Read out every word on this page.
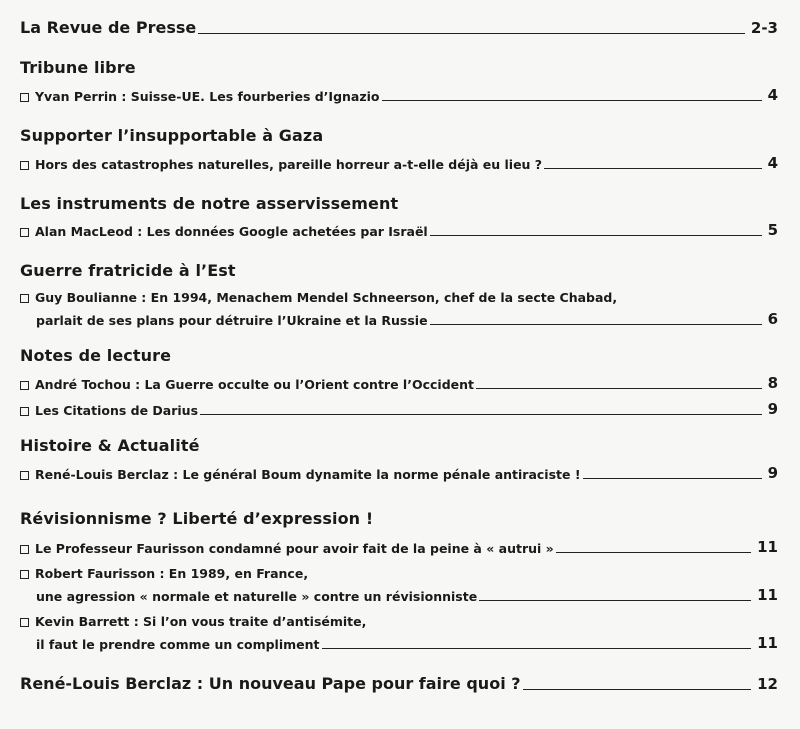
La Revue de Presse	2-3
Tribune libre
Yvan Perrin : Suisse-UE. Les fourberies d’Ignazio	4
Supporter l’insupportable à Gaza
Hors des catastrophes naturelles, pareille horreur a-t-elle déjà eu lieu ?	4
Les instruments de notre asservissement
Alan MacLeod : Les données Google achetées par Israël	5
Guerre fratricide à l’Est
Guy Boulianne : En 1994, Menachem Mendel Schneerson, chef de la secte Chabad,
parlait de ses plans pour détruire l’Ukraine et la Russie	6
Notes de lecture
André Tochou : La Guerre occulte ou l’Orient contre l’Occident	8
Les Citations de Darius	9
Histoire & Actualité
René-Louis Berclaz : Le général Boum dynamite la norme pénale antiraciste !	9
Révisionnisme ? Liberté d’expression !
Le Professeur Faurisson condamné pour avoir fait de la peine à « autrui »	11
Robert Faurisson : En 1989, en France,
une agression « normale et naturelle » contre un révisionniste	11
Kevin Barrett : Si l’on vous traite d’antisémite,
il faut le prendre comme un compliment	11
René-Louis Berclaz : Un nouveau Pape pour faire quoi ?	12
